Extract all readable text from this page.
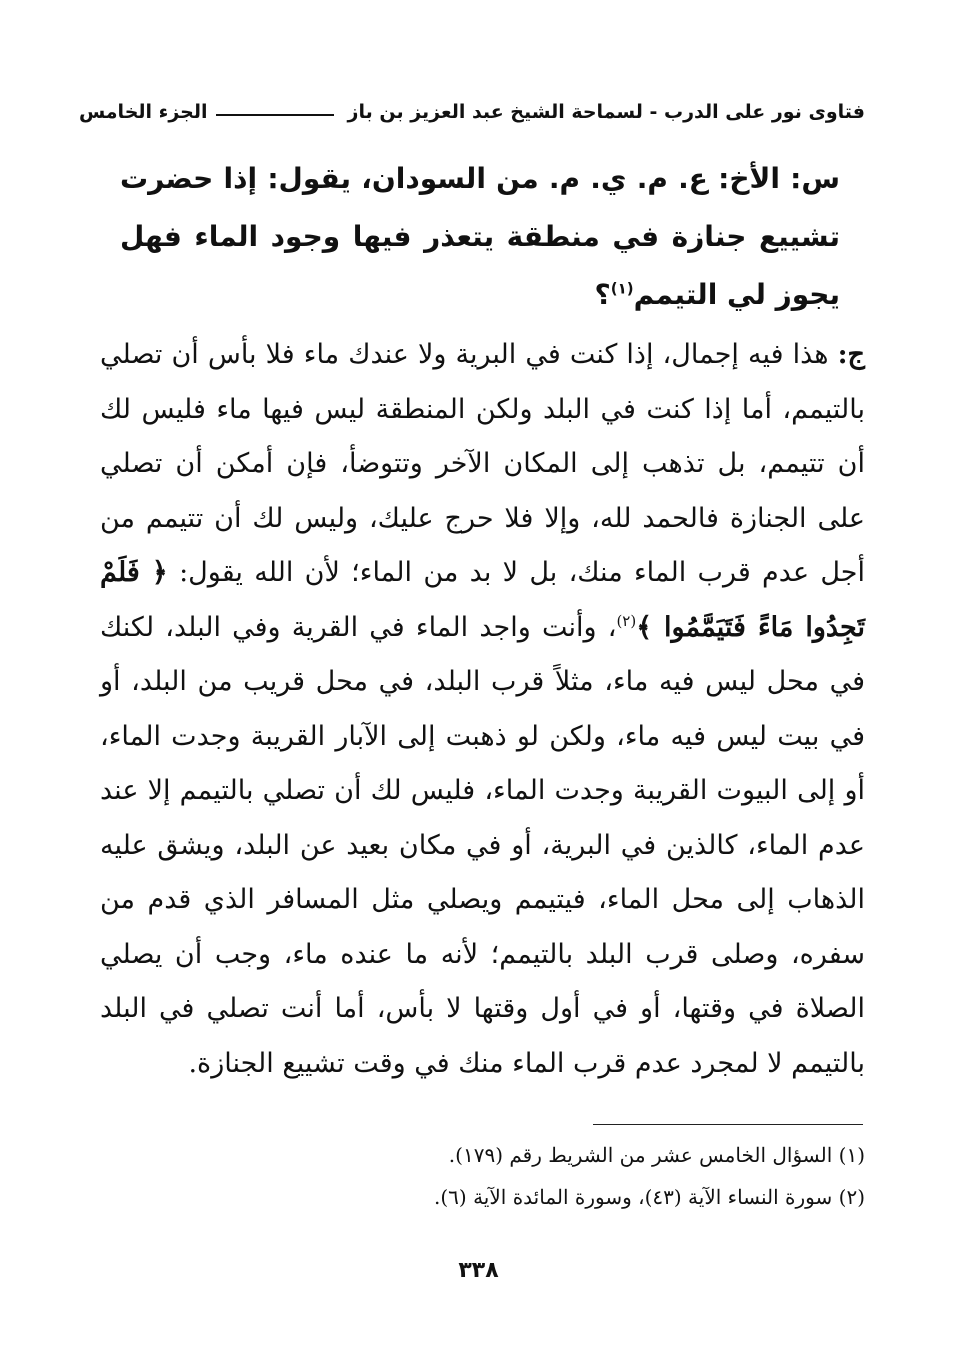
فتاوى نور على الدرب - لسماحة الشيخ عبد العزيز بن باز
الجزء الخامس
س: الأخ: ع. م. ي. م. من السودان، يقول: إذا حضرت تشييع جنازة في منطقة يتعذر فيها وجود الماء فهل يجوز لي التيمم$^{(١)}$؟
ج: هذا فيه إجمال، إذا كنت في البرية ولا عندك ماء فلا بأس أن تصلي بالتيمم، أما إذا كنت في البلد ولكن المنطقة ليس فيها ماء فليس لك أن تتيمم، بل تذهب إلى المكان الآخر وتتوضأ، فإن أمكن أن تصلي على الجنازة فالحمد لله، وإلا فلا حرج عليك، وليس لك أن تتيمم من أجل عدم قرب الماء منك، بل لا بد من الماء؛ لأن الله يقول: ﴿ فَلَمْ تَجِدُوا مَاءً فَتَيَمَّمُوا ﴾$^{(٢)}$، وأنت واجد الماء في القرية وفي البلد، لكنك في محل ليس فيه ماء، مثلاً قرب البلد، في محل قريب من البلد، أو في بيت ليس فيه ماء، ولكن لو ذهبت إلى الآبار القريبة وجدت الماء، أو إلى البيوت القريبة وجدت الماء، فليس لك أن تصلي بالتيمم إلا عند عدم الماء، كالذين في البرية، أو في مكان بعيد عن البلد، ويشق عليه الذهاب إلى محل الماء، فيتيمم ويصلي مثل المسافر الذي قدم من سفره، وصلى قرب البلد بالتيمم؛ لأنه ما عنده ماء، وجب أن يصلي الصلاة في وقتها، أو في أول وقتها لا بأس، أما أنت تصلي في البلد بالتيمم لا لمجرد عدم قرب الماء منك في وقت تشييع الجنازة.
(١) السؤال الخامس عشر من الشريط رقم (١٧٩).
(٢) سورة النساء الآية (٤٣)، وسورة المائدة الآية (٦).
٣٣٨
